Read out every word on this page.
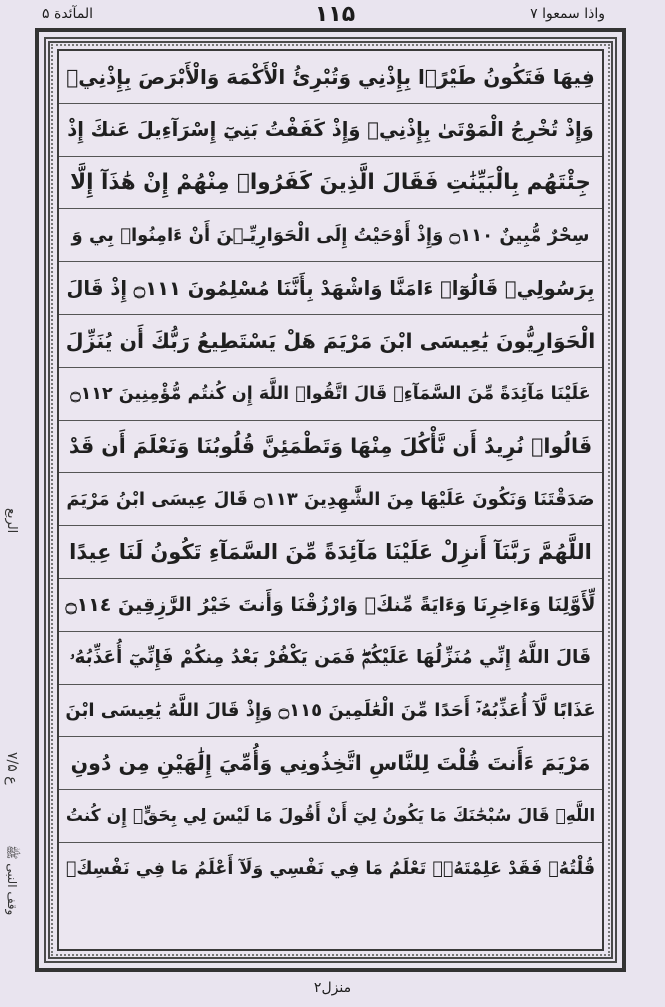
المآئدة ۵	۱۱۵	واذا سمعوا ۷
فِيهَا فَتَكُونُ طَيْرًۢا بِإِذْنِي وَتُبْرِئُ الْأَكْمَهَ وَالْأَبْرَصَ بِإِذْنِيۚ
وَإِذْ تُخْرِجُ الْمَوْتَىٰ بِإِذْنِيۚ وَإِذْ كَفَفْتُ بَنِيٓ إِسْرَآءِيلَ عَنكَ إِذْ
جِئْتَهُم بِالْبَيِّنَٰتِ فَقَالَ الَّذِينَ كَفَرُوا۟ مِنْهُمْ إِنْ هَٰذَآ إِلَّا
سِحْرٌ مُّبِينٌ ۝١١٠ وَإِذْ أَوْحَيْتُ إِلَى الْحَوَارِيِّـۧنَ أَنْ ءَامِنُوا۟ بِي وَ
بِرَسُولِيۚ قَالُوٓا۟ ءَامَنَّا وَاشْهَدْ بِأَنَّنَا مُسْلِمُونَ ۝١١١ إِذْ قَالَ
الْحَوَارِيُّونَ يَٰعِيسَى ابْنَ مَرْيَمَ هَلْ يَسْتَطِيعُ رَبُّكَ أَن يُنَزِّلَ
عَلَيْنَا مَآئِدَةً مِّنَ السَّمَآءِۖ قَالَ اتَّقُوا۟ اللَّهَ إِن كُنتُم مُّؤْمِنِينَ ۝١١٢
قَالُوا۟ نُرِيدُ أَن نَّأْكُلَ مِنْهَا وَتَطْمَئِنَّ قُلُوبُنَا وَنَعْلَمَ أَن قَدْ
صَدَقْتَنَا وَنَكُونَ عَلَيْهَا مِنَ الشَّٰهِدِينَ ۝١١٣ قَالَ عِيسَى ابْنُ مَرْيَمَ
اللَّهُمَّ رَبَّنَآ أَنزِلْ عَلَيْنَا مَآئِدَةً مِّنَ السَّمَآءِ تَكُونُ لَنَا عِيدًا
لِّأَوَّلِنَا وَءَاخِرِنَا وَءَايَةً مِّنكَۖ وَارْزُقْنَا وَأَنتَ خَيْرُ الرَّٰزِقِينَ ۝١١٤
قَالَ اللَّهُ إِنِّي مُنَزِّلُهَا عَلَيْكُمْۖ فَمَن يَكْفُرْ بَعْدُ مِنكُمْ فَإِنِّيٓ أُعَذِّبُهُۥ
عَذَابًا لَّآ أُعَذِّبُهُۥٓ أَحَدًا مِّنَ الْعَٰلَمِينَ ۝١١٥ وَإِذْ قَالَ اللَّهُ يَٰعِيسَى ابْنَ
مَرْيَمَ ءَأَنتَ قُلْتَ لِلنَّاسِ اتَّخِذُونِي وَأُمِّيَ إِلَٰهَيْنِ مِن دُونِ
اللَّهِۖ قَالَ سُبْحَٰنَكَ مَا يَكُونُ لِيٓ أَنْ أَقُولَ مَا لَيْسَ لِي بِحَقٍّۚ إِن كُنتُ
قُلْتُهُۥ فَقَدْ عَلِمْتَهُۥۚ تَعْلَمُ مَا فِي نَفْسِي وَلَآ أَعْلَمُ مَا فِي نَفْسِكَۚ
الربع
ع ۷/۵
وقف النبی ﷺ
منزل۲
